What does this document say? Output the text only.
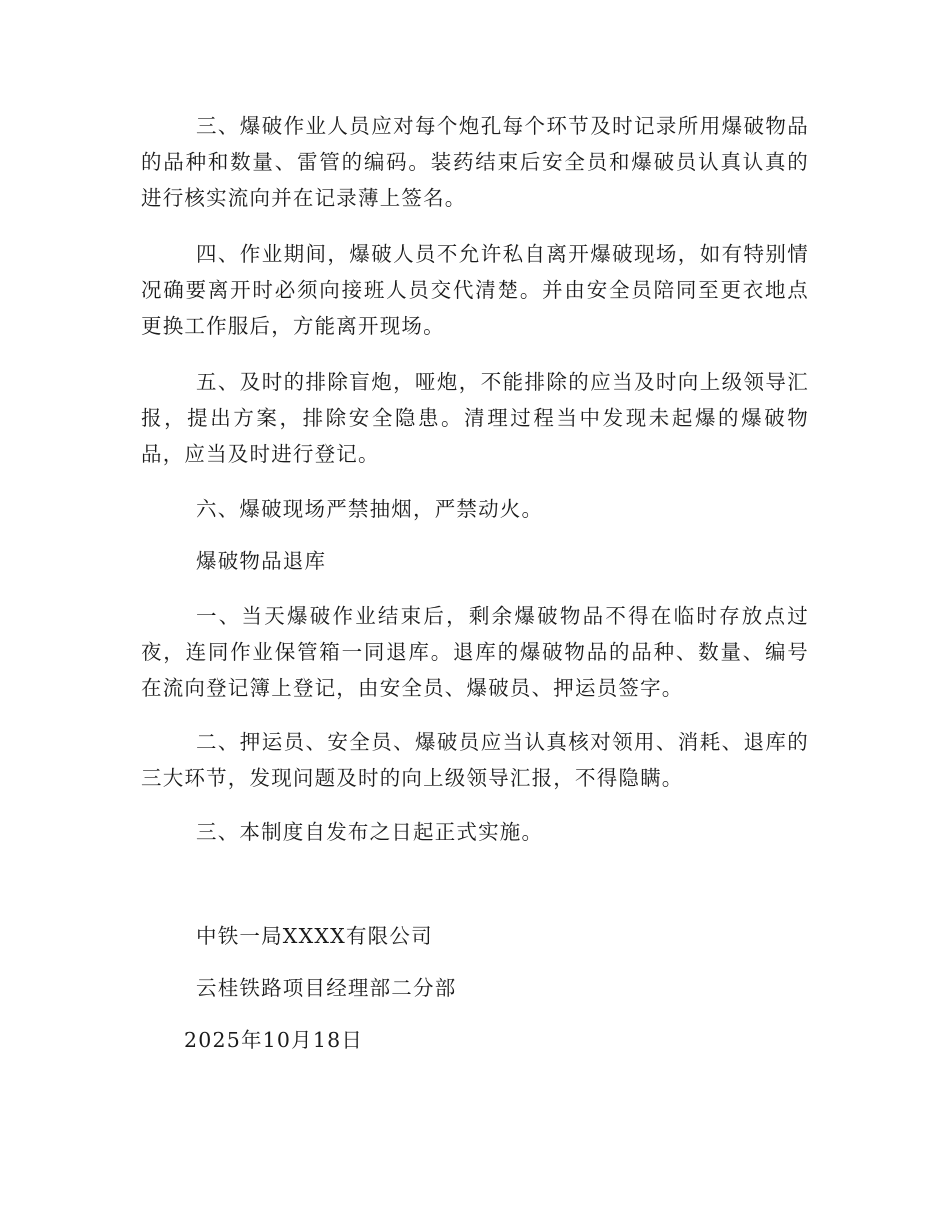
三、爆破作业人员应对每个炮孔每个环节及时记录所用爆破物品的品种和数量、雷管的编码。装药结束后安全员和爆破员认真认真的进行核实流向并在记录薄上签名。

四、作业期间，爆破人员不允许私自离开爆破现场，如有特别情况确要离开时必须向接班人员交代清楚。并由安全员陪同至更衣地点更换工作服后，方能离开现场。

五、及时的排除盲炮，哑炮，不能排除的应当及时向上级领导汇报，提出方案，排除安全隐患。清理过程当中发现未起爆的爆破物品，应当及时进行登记。

六、爆破现场严禁抽烟，严禁动火。

爆破物品退库

一、当天爆破作业结束后，剩余爆破物品不得在临时存放点过夜，连同作业保管箱一同退库。退库的爆破物品的品种、数量、编号在流向登记簿上登记，由安全员、爆破员、押运员签字。

二、押运员、安全员、爆破员应当认真核对领用、消耗、退库的三大环节，发现问题及时的向上级领导汇报，不得隐瞒。

三、本制度自发布之日起正式实施。

中铁一局XXXX有限公司

云桂铁路项目经理部二分部

2025年10月18日
